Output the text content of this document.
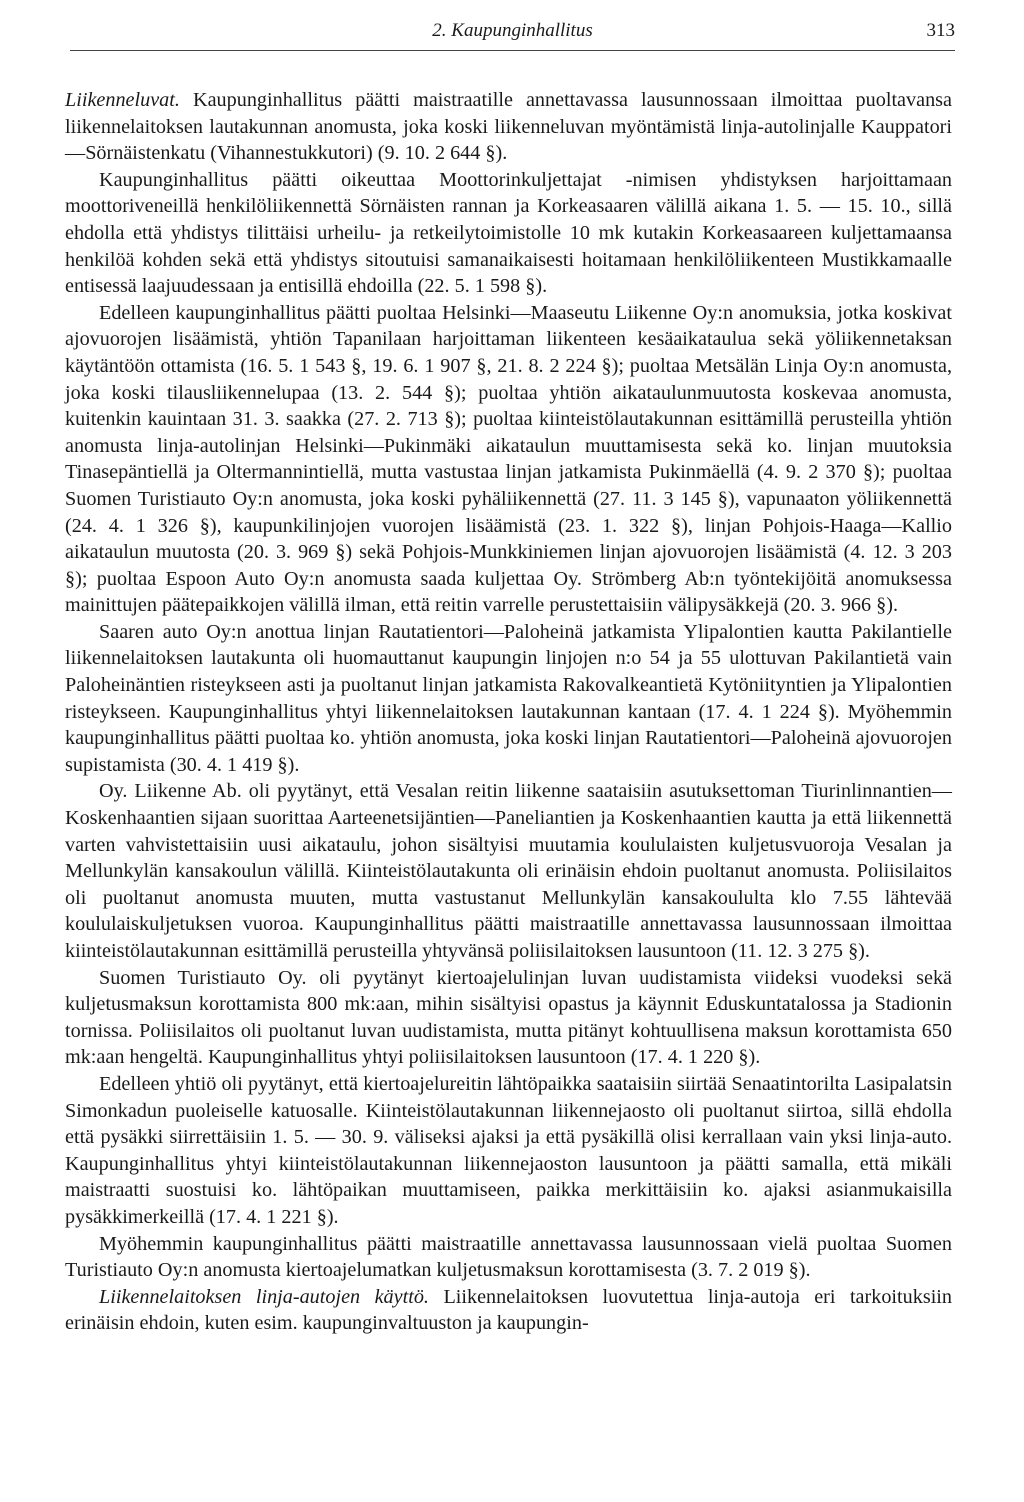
2. Kaupunginhallitus	313

Liikenneluvat. Kaupunginhallitus päätti maistraatille annettavassa lausunnossaan ilmoittaa puoltavansa liikennelaitoksen lautakunnan anomusta, joka koski liikenneluvan myöntämistä linja-autolinjalle Kauppatori—Sörnäistenkatu (Vihannestukkutori) (9. 10. 2 644 §).

Kaupunginhallitus päätti oikeuttaa Moottorinkuljettajat -nimisen yhdistyksen harjoittamaan moottoriveneillä henkilöliikennettä Sörnäisten rannan ja Korkeasaaren välillä aikana 1. 5. — 15. 10., sillä ehdolla että yhdistys tilittäisi urheilu- ja retkeilytoimistolle 10 mk kutakin Korkeasaareen kuljettamaansa henkilöä kohden sekä että yhdistys sitoutuisi samanaikaisesti hoitamaan henkilöliikenteen Mustikkamaalle entisessä laajuudessaan ja entisillä ehdoilla (22. 5. 1 598 §).

Edelleen kaupunginhallitus päätti puoltaa Helsinki—Maaseutu Liikenne Oy:n anomuksia, jotka koskivat ajovuorojen lisäämistä, yhtiön Tapanilaan harjoittaman liikenteen kesäaikataulua sekä yöliikennetaksan käytäntöön ottamista (16. 5. 1 543 §, 19. 6. 1 907 §, 21. 8. 2 224 §); puoltaa Metsälän Linja Oy:n anomusta, joka koski tilausliikennelupaa (13. 2. 544 §); puoltaa yhtiön aikataulunmuutosta koskevaa anomusta, kuitenkin kauintaan 31. 3. saakka (27. 2. 713 §); puoltaa kiinteistölautakunnan esittämillä perusteilla yhtiön anomusta linja-autolinjan Helsinki—Pukinmäki aikataulun muuttamisesta sekä ko. linjan muutoksia Tinasepäntiellä ja Oltermannintiellä, mutta vastustaa linjan jatkamista Pukinmäellä (4. 9. 2 370 §); puoltaa Suomen Turistiauto Oy:n anomusta, joka koski pyhäliikennettä (27. 11. 3 145 §), vapunaaton yöliikennettä (24. 4. 1 326 §), kaupunkilinjojen vuorojen lisäämistä (23. 1. 322 §), linjan Pohjois-Haaga—Kallio aikataulun muutosta (20. 3. 969 §) sekä Pohjois-Munkkiniemen linjan ajovuorojen lisäämistä (4. 12. 3 203 §); puoltaa Espoon Auto Oy:n anomusta saada kuljettaa Oy. Strömberg Ab:n työntekijöitä anomuksessa mainittujen päätepaikkojen välillä ilman, että reitin varrelle perustettaisiin välipysäkkejä (20. 3. 966 §).

Saaren auto Oy:n anottua linjan Rautatientori—Paloheinä jatkamista Ylipalontien kautta Pakilantielle liikennelaitoksen lautakunta oli huomauttanut kaupungin linjojen n:o 54 ja 55 ulottuvan Pakilantietä vain Paloheinäntien risteykseen asti ja puoltanut linjan jatkamista Rakovalkeantietä Kytöniityntien ja Ylipalontien risteykseen. Kaupunginhallitus yhtyi liikennelaitoksen lautakunnan kantaan (17. 4. 1 224 §). Myöhemmin kaupunginhallitus päätti puoltaa ko. yhtiön anomusta, joka koski linjan Rautatientori—Paloheinä ajovuorojen supistamista (30. 4. 1 419 §).

Oy. Liikenne Ab. oli pyytänyt, että Vesalan reitin liikenne saataisiin asutuksettoman Tiurinlinnantien—Koskenhaantien sijaan suorittaa Aarteenetsijäntien—Paneliantien ja Koskenhaantien kautta ja että liikennettä varten vahvistettaisiin uusi aikataulu, johon sisältyisi muutamia koululaisten kuljetusvuoroja Vesalan ja Mellunkylän kansakoulun välillä. Kiinteistölautakunta oli erinäisin ehdoin puoltanut anomusta. Poliisilaitos oli puoltanut anomusta muuten, mutta vastustanut Mellunkylän kansakoululta klo 7.55 lähtevää koululaiskuljetuksen vuoroa. Kaupunginhallitus päätti maistraatille annettavassa lausunnossaan ilmoittaa kiinteistölautakunnan esittämillä perusteilla yhtyvänsä poliisilaitoksen lausuntoon (11. 12. 3 275 §).

Suomen Turistiauto Oy. oli pyytänyt kiertoajelulinjan luvan uudistamista viideksi vuodeksi sekä kuljetusmaksun korottamista 800 mk:aan, mihin sisältyisi opastus ja käynnit Eduskuntatalossa ja Stadionin tornissa. Poliisilaitos oli puoltanut luvan uudistamista, mutta pitänyt kohtuullisena maksun korottamista 650 mk:aan hengeltä. Kaupunginhallitus yhtyi poliisilaitoksen lausuntoon (17. 4. 1 220 §).

Edelleen yhtiö oli pyytänyt, että kiertoajelureitin lähtöpaikka saataisiin siirtää Senaatintorilta Lasipalatsin Simonkadun puoleiselle katuosalle. Kiinteistölautakunnan liikennejaosto oli puoltanut siirtoa, sillä ehdolla että pysäkki siirrettäisiin 1. 5. — 30. 9. väliseksi ajaksi ja että pysäkillä olisi kerrallaan vain yksi linja-auto. Kaupunginhallitus yhtyi kiinteistölautakunnan liikennejaoston lausuntoon ja päätti samalla, että mikäli maistraatti suostuisi ko. lähtöpaikan muuttamiseen, paikka merkittäisiin ko. ajaksi asianmukaisilla pysäkkimerkeillä (17. 4. 1 221 §).

Myöhemmin kaupunginhallitus päätti maistraatille annettavassa lausunnossaan vielä puoltaa Suomen Turistiauto Oy:n anomusta kiertoajelumatkan kuljetusmaksun korottamisesta (3. 7. 2 019 §).

Liikennelaitoksen linja-autojen käyttö. Liikennelaitoksen luovutettua linja-autoja eri tarkoituksiin erinäisin ehdoin, kuten esim. kaupunginvaltuuston ja kaupungin-
